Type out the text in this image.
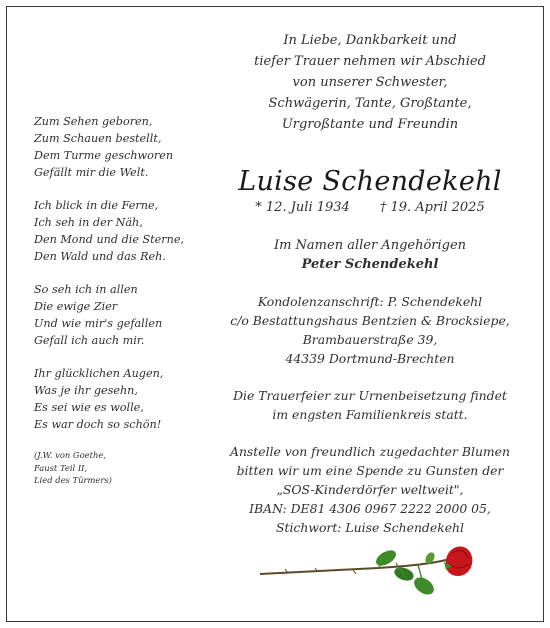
Zum Sehen geboren,
Zum Schauen bestellt,
Dem Turme geschworen
Gefällt mir die Welt.
Ich blick in die Ferne,
Ich seh in der Näh,
Den Mond und die Sterne,
Den Wald und das Reh.
So seh ich in allen
Die ewige Zier
Und wie mir's gefallen
Gefall ich auch mir.
Ihr glücklichen Augen,
Was je ihr gesehn,
Es sei wie es wolle,
Es war doch so schön!
(J.W. von Goethe,
Faust Teil II,
Lied des Türmers)
In Liebe, Dankbarkeit und
tiefer Trauer nehmen wir Abschied
von unserer Schwester,
Schwägerin, Tante, Großtante,
Urgroßtante und Freundin
Luise Schendekehl
* 12. Juli 1934 † 19. April 2025
Im Namen aller Angehörigen
Peter Schendekehl
Kondolenzanschrift: P. Schendekehl
c/o Bestattungshaus Bentzien & Brocksiepe,
Brambauerstraße 39,
44339 Dortmund-Brechten
Die Trauerfeier zur Urnenbeisetzung findet
im engsten Familienkreis statt.
Anstelle von freundlich zugedachter Blumen
bitten wir um eine Spende zu Gunsten der
„SOS-Kinderdörfer weltweit",
IBAN: DE81 4306 0967 2222 2000 05,
Stichwort: Luise Schendekehl
